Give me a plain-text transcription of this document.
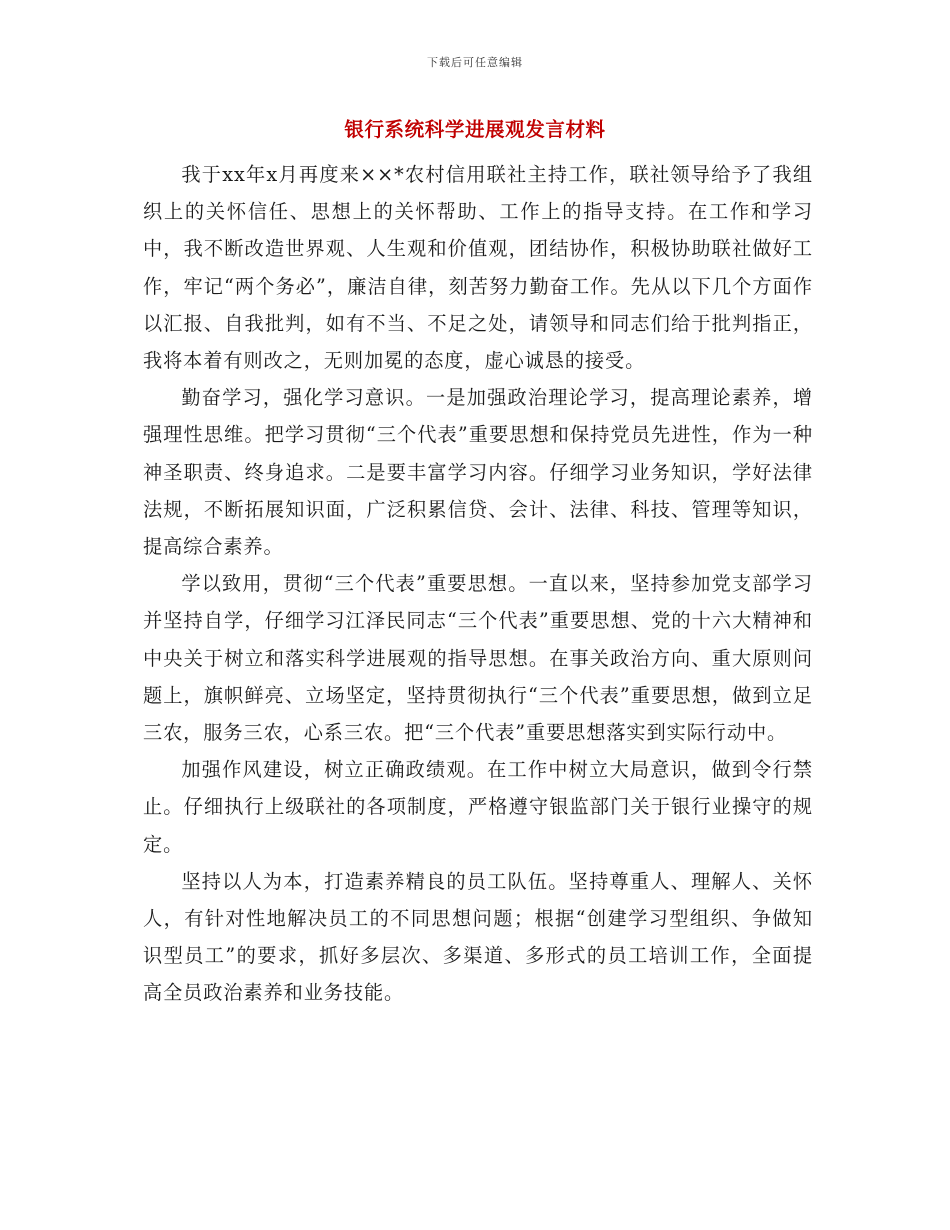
下载后可任意编辑
银行系统科学进展观发言材料

我于xx年x月再度来××*农村信用联社主持工作，联社领导给予了我组织上的关怀信任、思想上的关怀帮助、工作上的指导支持。在工作和学习中，我不断改造世界观、人生观和价值观，团结协作，积极协助联社做好工作，牢记“两个务必”，廉洁自律，刻苦努力勤奋工作。先从以下几个方面作以汇报、自我批判，如有不当、不足之处，请领导和同志们给于批判指正，我将本着有则改之，无则加冕的态度，虚心诚恳的接受。

勤奋学习，强化学习意识。一是加强政治理论学习，提高理论素养，增强理性思维。把学习贯彻“三个代表”重要思想和保持党员先进性，作为一种神圣职责、终身追求。二是要丰富学习内容。仔细学习业务知识，学好法律法规，不断拓展知识面，广泛积累信贷、会计、法律、科技、管理等知识，提高综合素养。

学以致用，贯彻“三个代表”重要思想。一直以来，坚持参加党支部学习并坚持自学，仔细学习江泽民同志“三个代表”重要思想、党的十六大精神和中央关于树立和落实科学进展观的指导思想。在事关政治方向、重大原则问题上，旗帜鲜亮、立场坚定，坚持贯彻执行“三个代表”重要思想，做到立足三农，服务三农，心系三农。把“三个代表”重要思想落实到实际行动中。

加强作风建设，树立正确政绩观。在工作中树立大局意识，做到令行禁止。仔细执行上级联社的各项制度，严格遵守银监部门关于银行业操守的规定。

坚持以人为本，打造素养精良的员工队伍。坚持尊重人、理解人、关怀人，有针对性地解决员工的不同思想问题；根据“创建学习型组织、争做知识型员工”的要求，抓好多层次、多渠道、多形式的员工培训工作，全面提高全员政治素养和业务技能。
